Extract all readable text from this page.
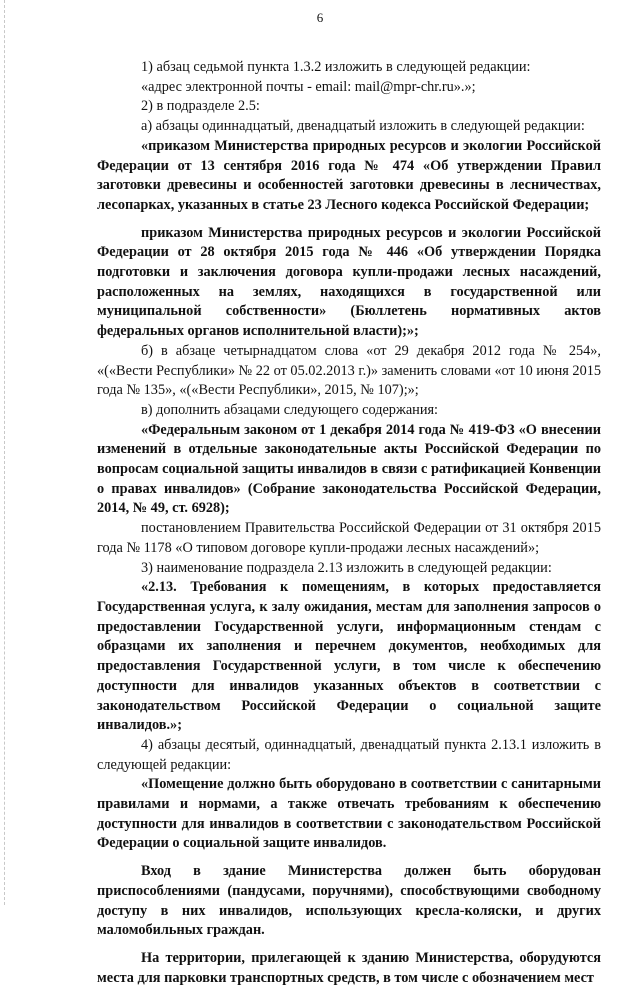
6

1) абзац седьмой пункта 1.3.2 изложить в следующей редакции:

«адрес электронной почты - email: mail@mpr-chr.ru».»;

2) в подразделе 2.5:

а) абзацы одиннадцатый, двенадцатый изложить в следующей редакции:

«приказом Министерства природных ресурсов и экологии Российской Федерации от 13 сентября 2016 года № 474 «Об утверждении Правил заготовки древесины и особенностей заготовки древесины в лесничествах, лесопарках, указанных в статье 23 Лесного кодекса Российской Федерации;

приказом Министерства природных ресурсов и экологии Российской Федерации от 28 октября 2015 года № 446 «Об утверждении Порядка подготовки и заключения договора купли-продажи лесных насаждений, расположенных на землях, находящихся в государственной или муниципальной собственности» (Бюллетень нормативных актов федеральных органов исполнительной власти);»;

б) в абзаце четырнадцатом слова «от 29 декабря 2012 года № 254», «(«Вести Республики» № 22 от 05.02.2013 г.)» заменить словами «от 10 июня 2015 года № 135», «(«Вести Республики», 2015, № 107);»;

в) дополнить абзацами следующего содержания:

«Федеральным законом от 1 декабря 2014 года № 419-ФЗ «О внесении изменений в отдельные законодательные акты Российской Федерации по вопросам социальной защиты инвалидов в связи с ратификацией Конвенции о правах инвалидов» (Собрание законодательства Российской Федерации, 2014, № 49, ст. 6928);

постановлением Правительства Российской Федерации от 31 октября 2015 года № 1178 «О типовом договоре купли-продажи лесных насаждений»;

3) наименование подраздела 2.13 изложить в следующей редакции:

«2.13. Требования к помещениям, в которых предоставляется Государственная услуга, к залу ожидания, местам для заполнения запросов о предоставлении Государственной услуги, информационным стендам с образцами их заполнения и перечнем документов, необходимых для предоставления Государственной услуги, в том числе к обеспечению доступности для инвалидов указанных объектов в соответствии с законодательством Российской Федерации о социальной защите инвалидов.»;

4) абзацы десятый, одиннадцатый, двенадцатый пункта 2.13.1 изложить в следующей редакции:

«Помещение должно быть оборудовано в соответствии с санитарными правилами и нормами, а также отвечать требованиям к обеспечению доступности для инвалидов в соответствии с законодательством Российской Федерации о социальной защите инвалидов.

Вход в здание Министерства должен быть оборудован приспособлениями (пандусами, поручнями), способствующими свободному доступу в них инвалидов, использующих кресла-коляски, и других маломобильных граждан.

На территории, прилегающей к зданию Министерства, оборудуются места для парковки транспортных средств, в том числе с обозначением мест
